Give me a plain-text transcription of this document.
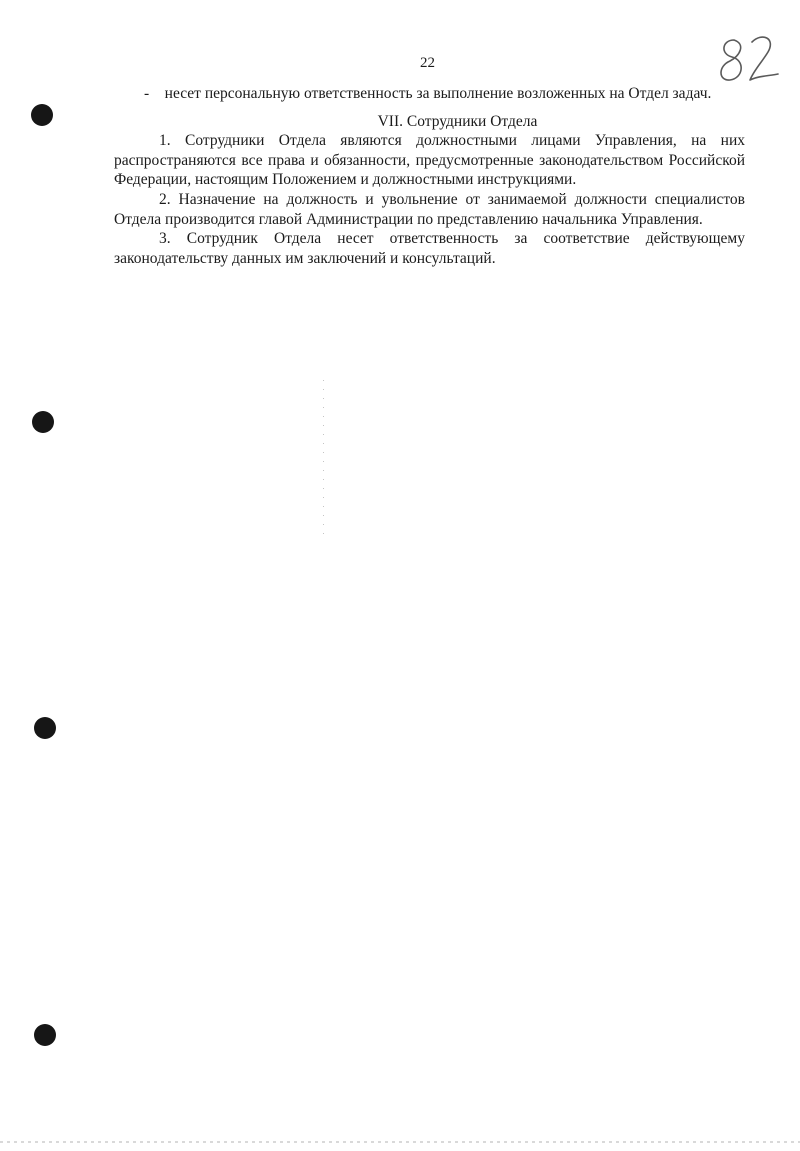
22

- несет персональную ответственность за выполнение возложенных на Отдел задач.

VII. Сотрудники Отдела

1. Сотрудники Отдела являются должностными лицами Управления, на них распространяются все права и обязанности, предусмотренные законодательством Российской Федерации, настоящим Положением и должностными инструкциями.

2. Назначение на должность и увольнение от занимаемой должности специалистов Отдела производится главой Администрации по представлению начальника Управления.

3. Сотрудник Отдела несет ответственность за соответствие действующему законодательству данных им заключений и консультаций.
